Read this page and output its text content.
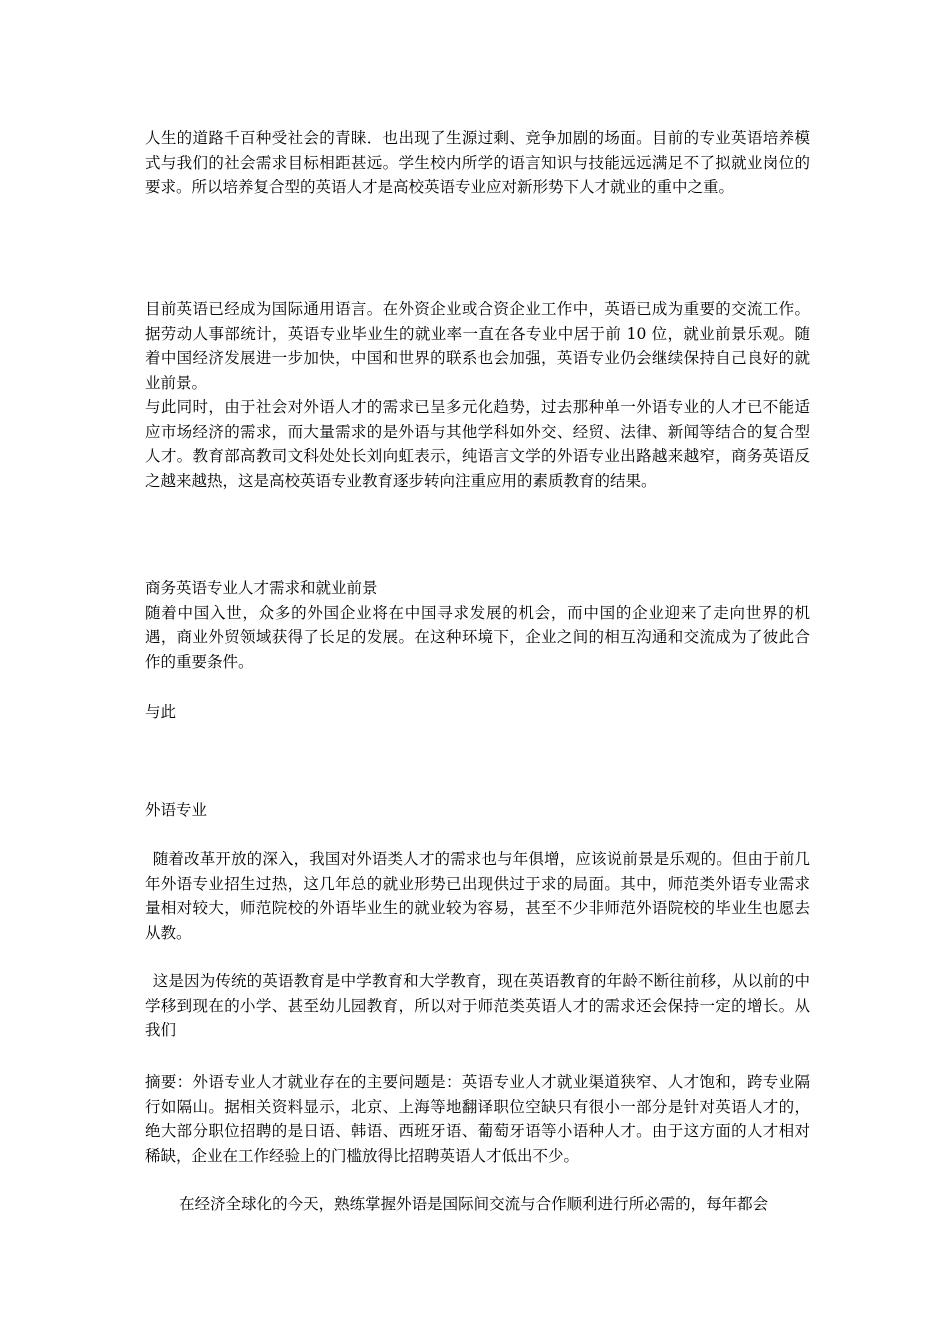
人生的道路千百种受社会的青睐．也出现了生源过剩、竞争加剧的场面。目前的专业英语培养模式与我们的社会需求目标相距甚远。学生校内所学的语言知识与技能远远满足不了拟就业岗位的要求。所以培养复合型的英语人才是高校英语专业应对新形势下人才就业的重中之重。

目前英语已经成为国际通用语言。在外资企业或合资企业工作中，英语已成为重要的交流工作。据劳动人事部统计，英语专业毕业生的就业率一直在各专业中居于前 10 位，就业前景乐观。随着中国经济发展进一步加快，中国和世界的联系也会加强，英语专业仍会继续保持自己良好的就业前景。

与此同时，由于社会对外语人才的需求已呈多元化趋势，过去那种单一外语专业的人才已不能适应市场经济的需求，而大量需求的是外语与其他学科如外交、经贸、法律、新闻等结合的复合型人才。教育部高教司文科处处长刘向虹表示，纯语言文学的外语专业出路越来越窄，商务英语反之越来越热，这是高校英语专业教育逐步转向注重应用的素质教育的结果。

商务英语专业人才需求和就业前景

随着中国入世，众多的外国企业将在中国寻求发展的机会，而中国的企业迎来了走向世界的机遇，商业外贸领域获得了长足的发展。在这种环境下，企业之间的相互沟通和交流成为了彼此合作的重要条件。

与此

外语专业

随着改革开放的深入，我国对外语类人才的需求也与年俱增，应该说前景是乐观的。但由于前几年外语专业招生过热，这几年总的就业形势已出现供过于求的局面。其中，师范类外语专业需求量相对较大，师范院校的外语毕业生的就业较为容易，甚至不少非师范外语院校的毕业生也愿去从教。

这是因为传统的英语教育是中学教育和大学教育，现在英语教育的年龄不断往前移，从以前的中学移到现在的小学、甚至幼儿园教育，所以对于师范类英语人才的需求还会保持一定的增长。从我们

摘要：外语专业人才就业存在的主要问题是：英语专业人才就业渠道狭窄、人才饱和，跨专业隔行如隔山。据相关资料显示，北京、上海等地翻译职位空缺只有很小一部分是针对英语人才的，绝大部分职位招聘的是日语、韩语、西班牙语、葡萄牙语等小语种人才。由于这方面的人才相对稀缺，企业在工作经验上的门槛放得比招聘英语人才低出不少。

在经济全球化的今天，熟练掌握外语是国际间交流与合作顺利进行所必需的，每年都会
